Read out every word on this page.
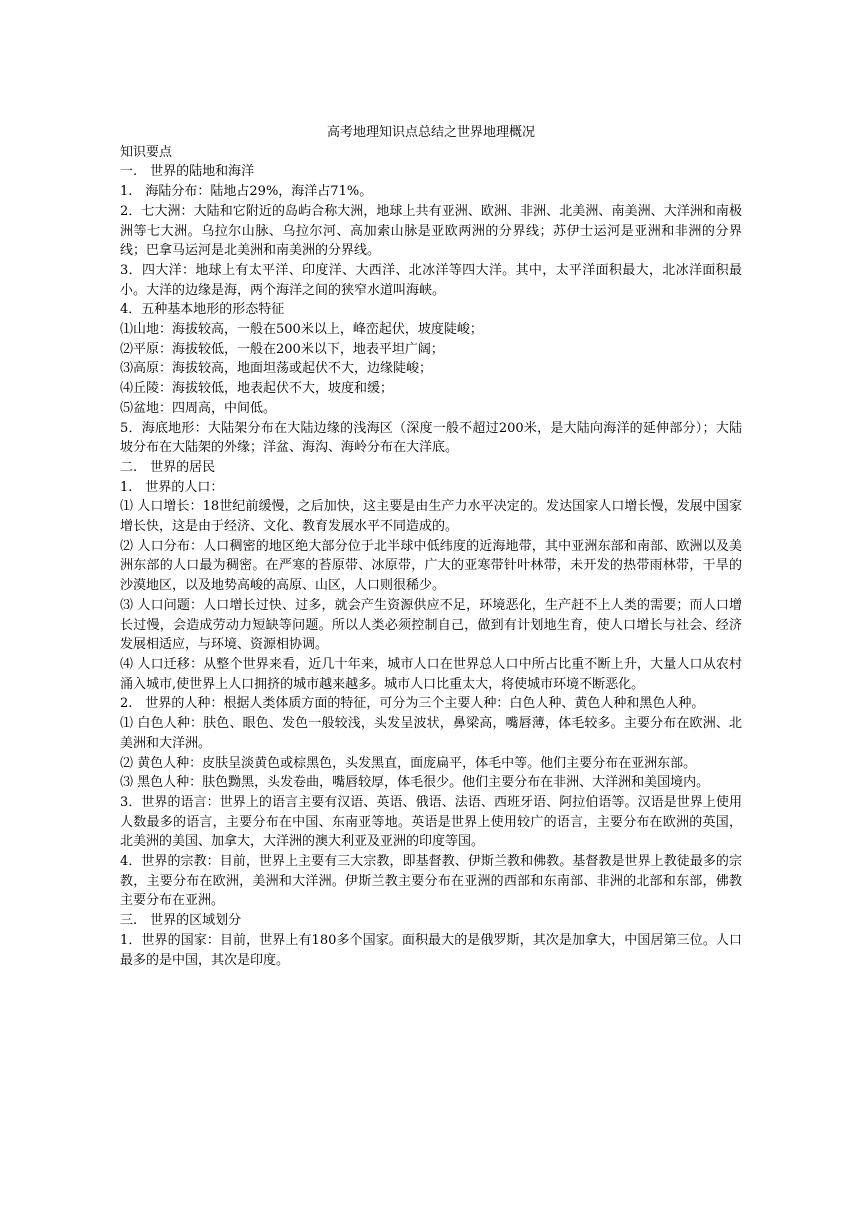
高考地理知识点总结之世界地理概况

知识要点

一.　世界的陆地和海洋

1.　海陆分布：陆地占29%，海洋占71%。

2．七大洲：大陆和它附近的岛屿合称大洲，地球上共有亚洲、欧洲、非洲、北美洲、南美洲、大洋洲和南极洲等七大洲。乌拉尔山脉、乌拉尔河、高加索山脉是亚欧两洲的分界线；苏伊士运河是亚洲和非洲的分界线；巴拿马运河是北美洲和南美洲的分界线。

3．四大洋：地球上有太平洋、印度洋、大西洋、北冰洋等四大洋。其中，太平洋面积最大，北冰洋面积最小。大洋的边缘是海，两个海洋之间的狭窄水道叫海峡。

4．五种基本地形的形态特征

⑴山地：海拔较高，一般在500米以上，峰峦起伏，坡度陡峻；

⑵平原：海拔较低，一般在200米以下，地表平坦广阔；

⑶高原：海拔较高，地面坦荡或起伏不大，边缘陡峻；

⑷丘陵：海拔较低，地表起伏不大，坡度和缓；

⑸盆地：四周高，中间低。

5．海底地形：大陆架分布在大陆边缘的浅海区（深度一般不超过200米，是大陆向海洋的延伸部分）；大陆坡分布在大陆架的外缘；洋盆、海沟、海岭分布在大洋底。

二.　世界的居民

1.　世界的人口：

⑴ 人口增长：18世纪前缓慢，之后加快，这主要是由生产力水平决定的。发达国家人口增长慢，发展中国家增长快，这是由于经济、文化、教育发展水平不同造成的。

⑵ 人口分布：人口稠密的地区绝大部分位于北半球中低纬度的近海地带，其中亚洲东部和南部、欧洲以及美洲东部的人口最为稠密。在严寒的苔原带、冰原带，广大的亚寒带针叶林带，未开发的热带雨林带，干旱的沙漠地区，以及地势高峻的高原、山区，人口则很稀少。

⑶ 人口问题：人口增长过快、过多，就会产生资源供应不足，环境恶化，生产赶不上人类的需要；而人口增长过慢，会造成劳动力短缺等问题。所以人类必须控制自己，做到有计划地生育，使人口增长与社会、经济发展相适应，与环境、资源相协调。

⑷ 人口迁移：从整个世界来看，近几十年来，城市人口在世界总人口中所占比重不断上升，大量人口从农村涌入城市,使世界上人口拥挤的城市越来越多。城市人口比重太大，将使城市环境不断恶化。

2.　世界的人种：根据人类体质方面的特征，可分为三个主要人种：白色人种、黄色人种和黑色人种。

⑴ 白色人种：肤色、眼色、发色一般较浅，头发呈波状，鼻梁高，嘴唇薄，体毛较多。主要分布在欧洲、北美洲和大洋洲。

⑵ 黄色人种：皮肤呈淡黄色或棕黑色，头发黑直，面庞扁平，体毛中等。他们主要分布在亚洲东部。

⑶ 黑色人种：肤色黝黑，头发卷曲，嘴唇较厚，体毛很少。他们主要分布在非洲、大洋洲和美国境内。

3．世界的语言：世界上的语言主要有汉语、英语、俄语、法语、西班牙语、阿拉伯语等。汉语是世界上使用人数最多的语言，主要分布在中国、东南亚等地。英语是世界上使用较广的语言，主要分布在欧洲的英国，北美洲的美国、加拿大，大洋洲的澳大利亚及亚洲的印度等国。

4．世界的宗教：目前，世界上主要有三大宗教，即基督教、伊斯兰教和佛教。基督教是世界上教徒最多的宗教，主要分布在欧洲，美洲和大洋洲。伊斯兰教主要分布在亚洲的西部和东南部、非洲的北部和东部，佛教主要分布在亚洲。

三.　世界的区域划分

1．世界的国家：目前，世界上有180多个国家。面积最大的是俄罗斯，其次是加拿大，中国居第三位。人口最多的是中国，其次是印度。
